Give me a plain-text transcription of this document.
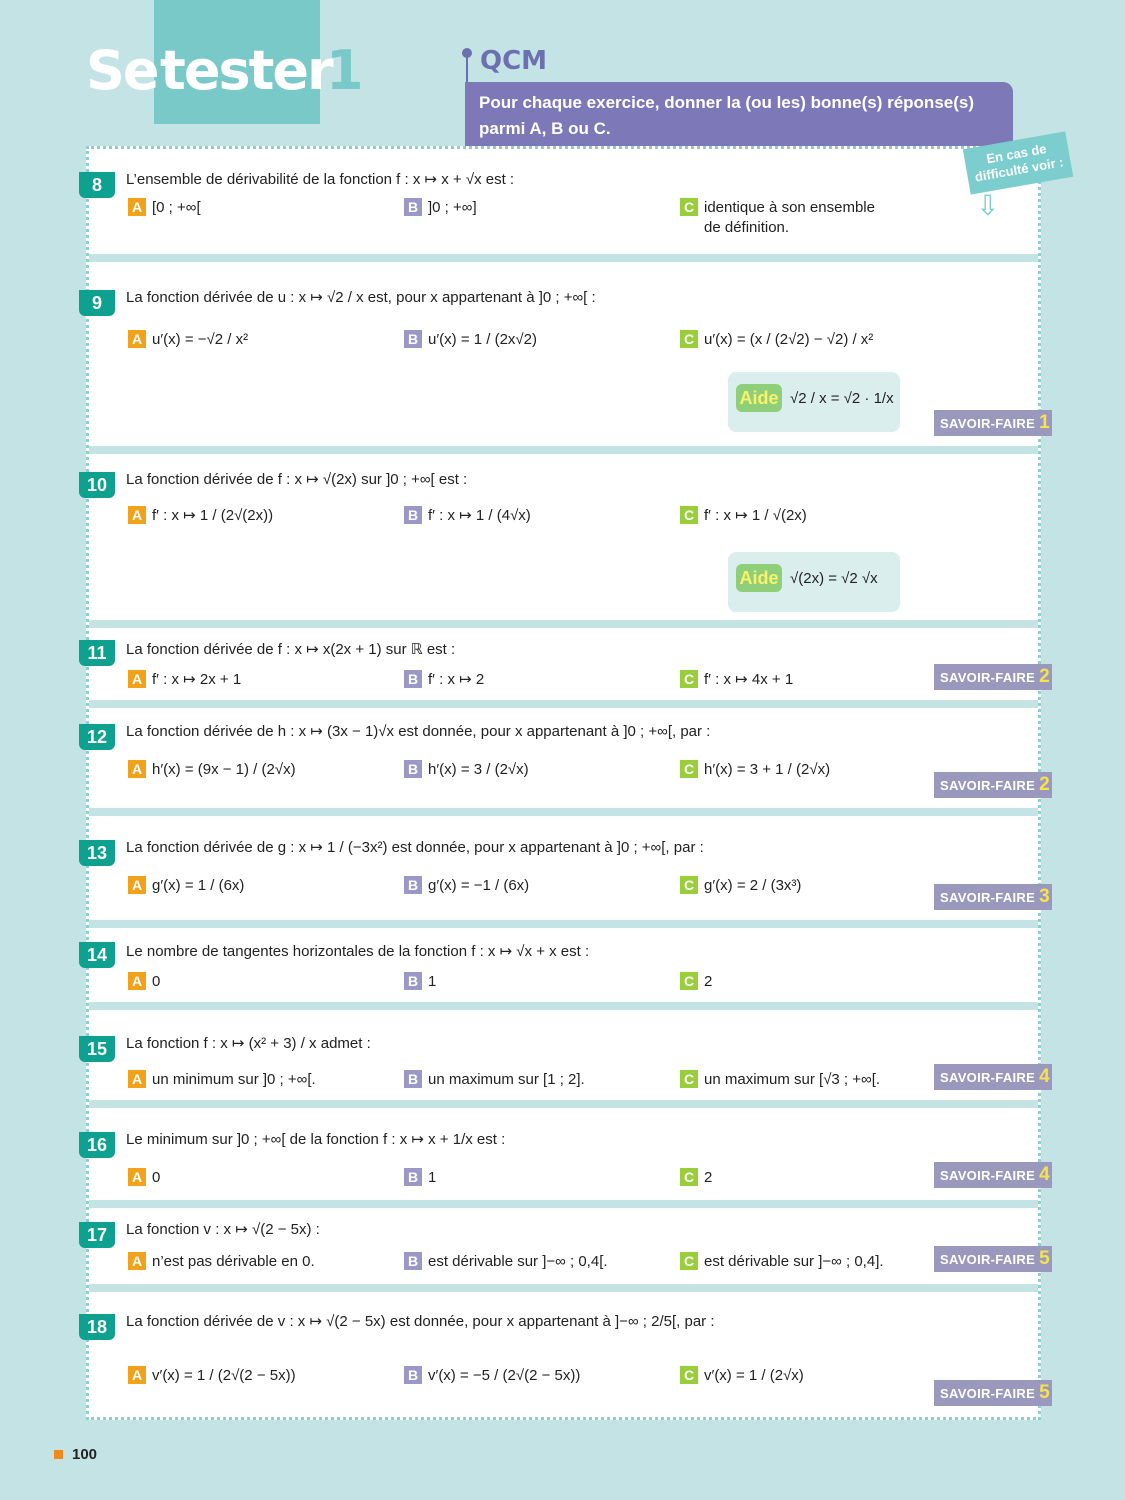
Se tester
1	QCM
Pour chaque exercice, donner la (ou les) bonne(s) réponse(s) parmi A, B ou C.
En cas de difficulté voir :
⇩
8	L’ensemble de dérivabilité de la fonction f : x ↦ x + √x est :
A [0 ; +∞[	B ]0 ; +∞]	C identique à son ensemble de définition.
9	La fonction dérivée de u : x ↦ √2 / x est, pour x appartenant à ]0 ; +∞[ :
A u′(x) = −√2 / x²	B u′(x) = 1 / (2x√2)	C u′(x) = (x / (2√2) − √2) / x²
Aide √2 / x = √2 · 1/x
SAVOIR-FAIRE 1
10	La fonction dérivée de f : x ↦ √(2x) sur ]0 ; +∞[ est :
A f′ : x ↦ 1 / (2√(2x))	B f′ : x ↦ 1 / (4√x)	C f′ : x ↦ 1 / √(2x)
Aide √(2x) = √2 √x
11	La fonction dérivée de f : x ↦ x(2x + 1) sur ℝ est :
A f′ : x ↦ 2x + 1	B f′ : x ↦ 2	C f′ : x ↦ 4x + 1	SAVOIR-FAIRE 2
12	La fonction dérivée de h : x ↦ (3x − 1)√x est donnée, pour x appartenant à ]0 ; +∞[, par :
A h′(x) = (9x − 1) / (2√x)	B h′(x) = 3 / (2√x)	C h′(x) = 3 + 1 / (2√x)
SAVOIR-FAIRE 2
13	La fonction dérivée de g : x ↦ 1 / (−3x²) est donnée, pour x appartenant à ]0 ; +∞[, par :
A g′(x) = 1 / (6x)	B g′(x) = −1 / (6x)	C g′(x) = 2 / (3x³)
SAVOIR-FAIRE 3
14	Le nombre de tangentes horizontales de la fonction f : x ↦ √x + x est :
A 0	B 1	C 2
15	La fonction f : x ↦ (x² + 3) / x admet :
A un minimum sur ]0 ; +∞[.	B un maximum sur [1 ; 2].	C un maximum sur [√3 ; +∞[.	SAVOIR-FAIRE 4
16	Le minimum sur ]0 ; +∞[ de la fonction f : x ↦ x + 1/x est :
A 0	B 1	C 2	SAVOIR-FAIRE 4
17	La fonction v : x ↦ √(2 − 5x) :
A n’est pas dérivable en 0.	B est dérivable sur ]−∞ ; 0,4[.	C est dérivable sur ]−∞ ; 0,4].	SAVOIR-FAIRE 5
18	La fonction dérivée de v : x ↦ √(2 − 5x) est donnée, pour x appartenant à ]−∞ ; 2/5[, par :
A v′(x) = 1 / (2√(2 − 5x))	B v′(x) = −5 / (2√(2 − 5x))	C v′(x) = 1 / (2√x)
SAVOIR-FAIRE 5
100
